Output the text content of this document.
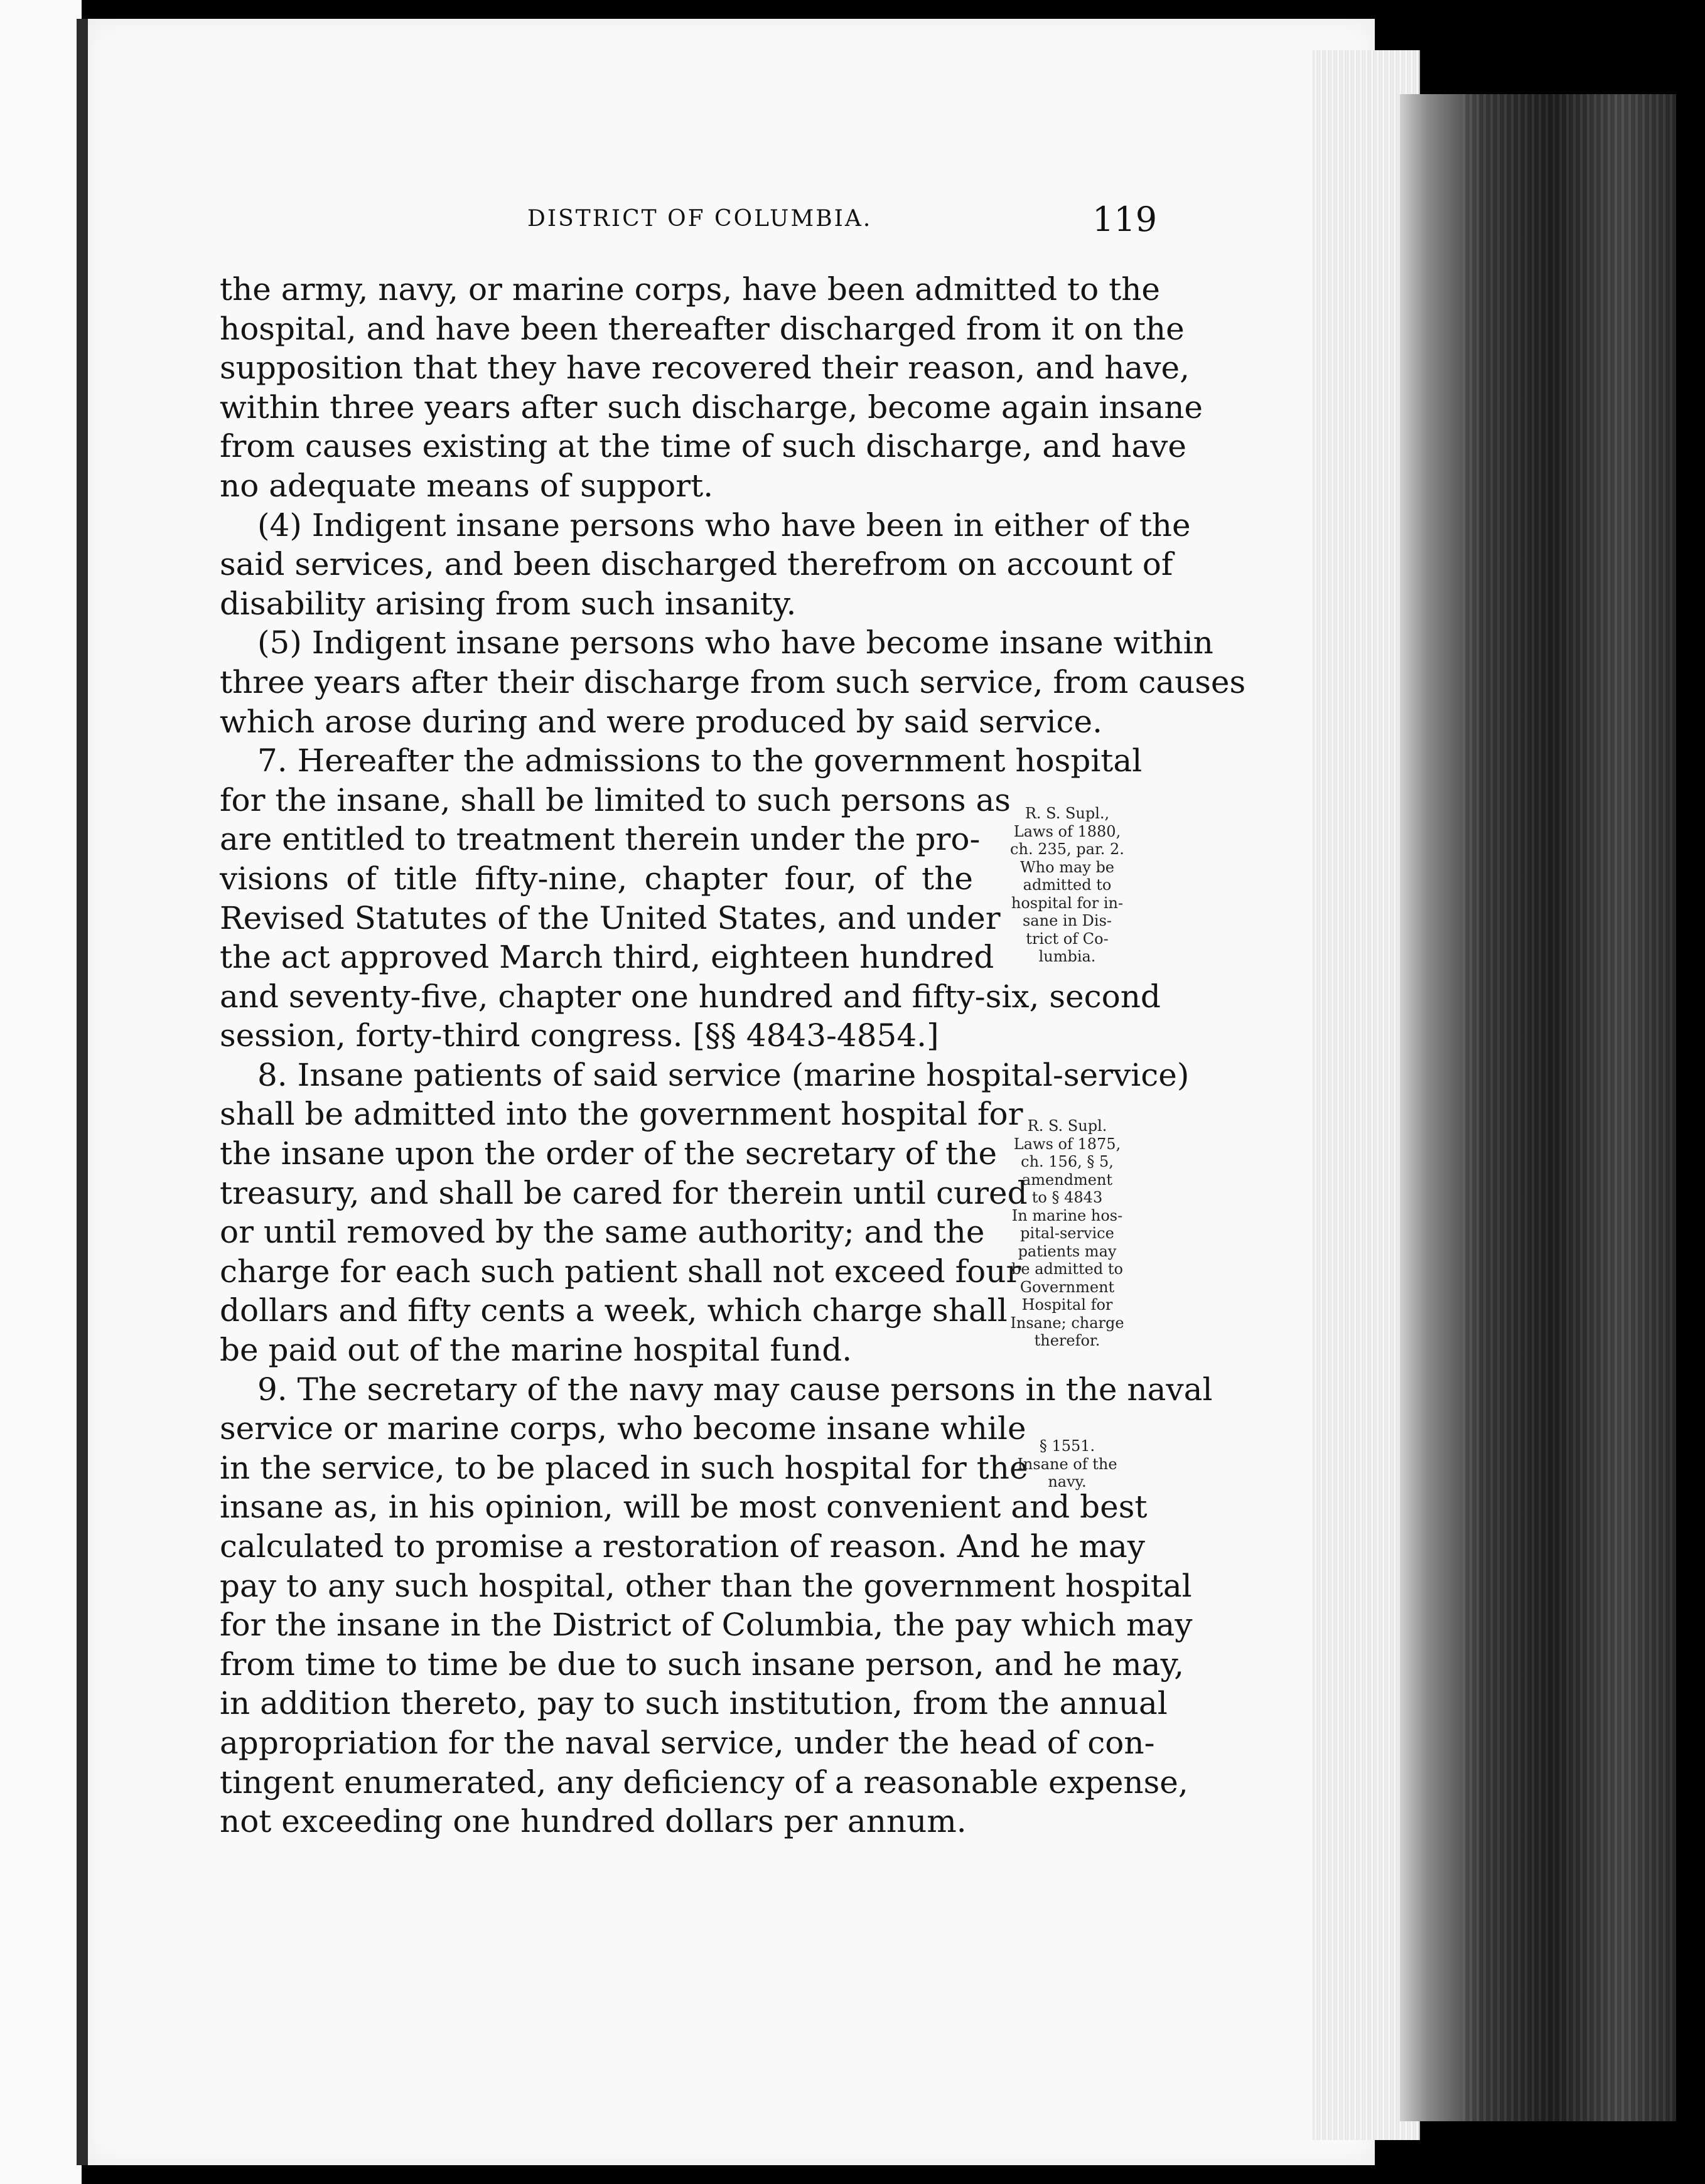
DISTRICT OF COLUMBIA.	119
the army, navy, or marine corps, have been admitted to the
hospital, and have been thereafter discharged from it on the
supposition that they have recovered their reason, and have,
within three years after such discharge, become again insane
from causes existing at the time of such discharge, and have
no adequate means of support.
(4) Indigent insane persons who have been in either of the
said services, and been discharged therefrom on account of
disability arising from such insanity.
(5) Indigent insane persons who have become insane within
three years after their discharge from such service, from causes
which arose during and were produced by said service.
7. Hereafter the admissions to the government hospital
for the insane, shall be limited to such persons as
are entitled to treatment therein under the pro-
visions of title fifty-nine, chapter four, of the
Revised Statutes of the United States, and under
the act approved March third, eighteen hundred
and seventy-five, chapter one hundred and fifty-six, second
session, forty-third congress. [§§ 4843-4854.]
8. Insane patients of said service (marine hospital-service)
shall be admitted into the government hospital for
the insane upon the order of the secretary of the
treasury, and shall be cared for therein until cured
or until removed by the same authority; and the
charge for each such patient shall not exceed four
dollars and fifty cents a week, which charge shall
be paid out of the marine hospital fund.
9. The secretary of the navy may cause persons in the naval
service or marine corps, who become insane while
in the service, to be placed in such hospital for the
insane as, in his opinion, will be most convenient and best
calculated to promise a restoration of reason. And he may
pay to any such hospital, other than the government hospital
for the insane in the District of Columbia, the pay which may
from time to time be due to such insane person, and he may,
in addition thereto, pay to such institution, from the annual
appropriation for the naval service, under the head of con-
tingent enumerated, any deficiency of a reasonable expense,
not exceeding one hundred dollars per annum.
R. S. Supl.,
Laws of 1880,
ch. 235, par. 2.
Who may be
admitted to
hospital for in-
sane in Dis-
trict of Co-
lumbia.
R. S. Supl.
Laws of 1875,
ch. 156, § 5,
amendment
to § 4843
In marine hos-
pital-service
patients may
be admitted to
Government
Hospital for
Insane; charge
therefor.
§ 1551.
Insane of the
navy.
